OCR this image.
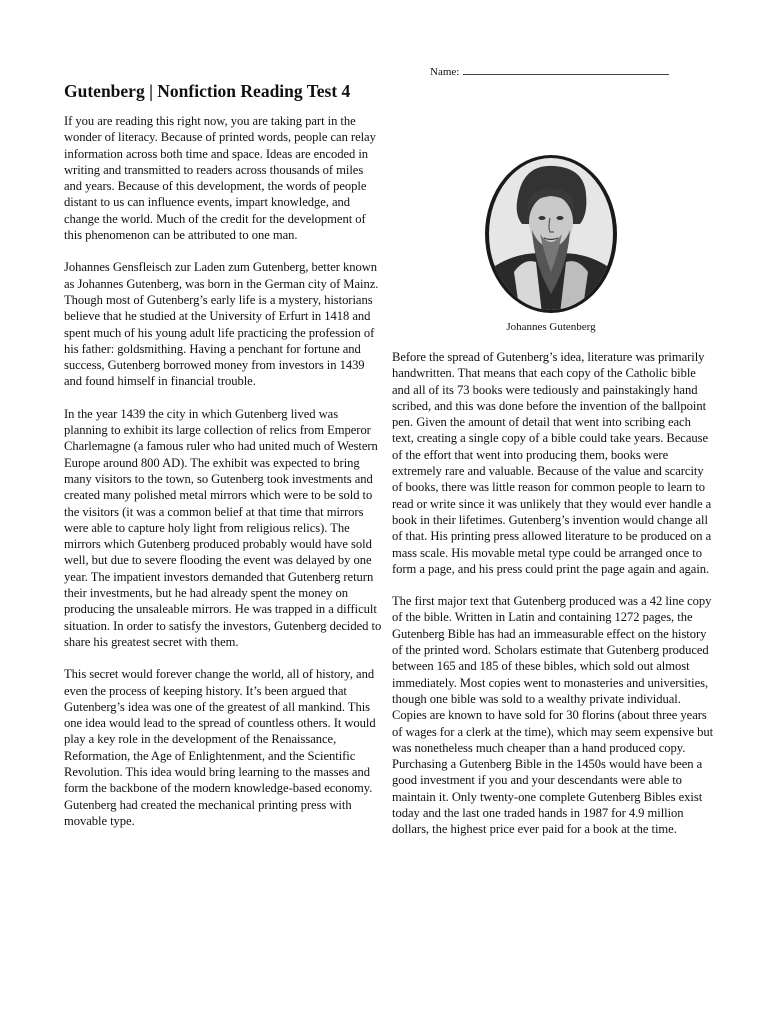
Name:
Gutenberg | Nonfiction Reading Test 4

If you are reading this right now, you are taking part in the wonder of literacy. Because of printed words, people can relay information across both time and space. Ideas are encoded in writing and transmitted to readers across thousands of miles and years. Because of this development, the words of people distant to us can influence events, impart knowledge, and change the world. Much of the credit for the development of this phenomenon can be attributed to one man.

Johannes Gensfleisch zur Laden zum Gutenberg, better known as Johannes Gutenberg, was born in the German city of Mainz. Though most of Gutenberg’s early life is a mystery, historians believe that he studied at the University of Erfurt in 1418 and spent much of his young adult life practicing the profession of his father: goldsmithing. Having a penchant for fortune and success, Gutenberg borrowed money from investors in 1439 and found himself in financial trouble.

In the year 1439 the city in which Gutenberg lived was planning to exhibit its large collection of relics from Emperor Charlemagne (a famous ruler who had united much of Western Europe around 800 AD). The exhibit was expected to bring many visitors to the town, so Gutenberg took investments and created many polished metal mirrors which were to be sold to the visitors (it was a common belief at that time that mirrors were able to capture holy light from religious relics). The mirrors which Gutenberg produced probably would have sold well, but due to severe flooding the event was delayed by one year. The impatient investors demanded that Gutenberg return their investments, but he had already spent the money on producing the unsaleable mirrors. He was trapped in a difficult situation. In order to satisfy the investors, Gutenberg decided to share his greatest secret with them.

This secret would forever change the world, all of history, and even the process of keeping history. It’s been argued that Gutenberg’s idea was one of the greatest of all mankind. This one idea would lead to the spread of countless others. It would play a key role in the development of the Renaissance, Reformation, the Age of Enlightenment, and the Scientific Revolution. This idea would bring learning to the masses and form the backbone of the modern knowledge-based economy. Gutenberg had created the mechanical printing press with movable type.

Johannes Gutenberg

Before the spread of Gutenberg’s idea, literature was primarily handwritten. That means that each copy of the Catholic bible and all of its 73 books were tediously and painstakingly hand scribed, and this was done before the invention of the ballpoint pen. Given the amount of detail that went into scribing each text, creating a single copy of a bible could take years. Because of the effort that went into producing them, books were extremely rare and valuable. Because of the value and scarcity of books, there was little reason for common people to learn to read or write since it was unlikely that they would ever handle a book in their lifetimes. Gutenberg’s invention would change all of that. His printing press allowed literature to be produced on a mass scale. His movable metal type could be arranged once to form a page, and his press could print the page again and again.

The first major text that Gutenberg produced was a 42 line copy of the bible. Written in Latin and containing 1272 pages, the Gutenberg Bible has had an immeasurable effect on the history of the printed word. Scholars estimate that Gutenberg produced between 165 and 185 of these bibles, which sold out almost immediately. Most copies went to monasteries and universities, though one bible was sold to a wealthy private individual. Copies are known to have sold for 30 florins (about three years of wages for a clerk at the time), which may seem expensive but was nonetheless much cheaper than a hand produced copy. Purchasing a Gutenberg Bible in the 1450s would have been a good investment if you and your descendants were able to maintain it. Only twenty-one complete Gutenberg Bibles exist today and the last one traded hands in 1987 for 4.9 million dollars, the highest price ever paid for a book at the time.
